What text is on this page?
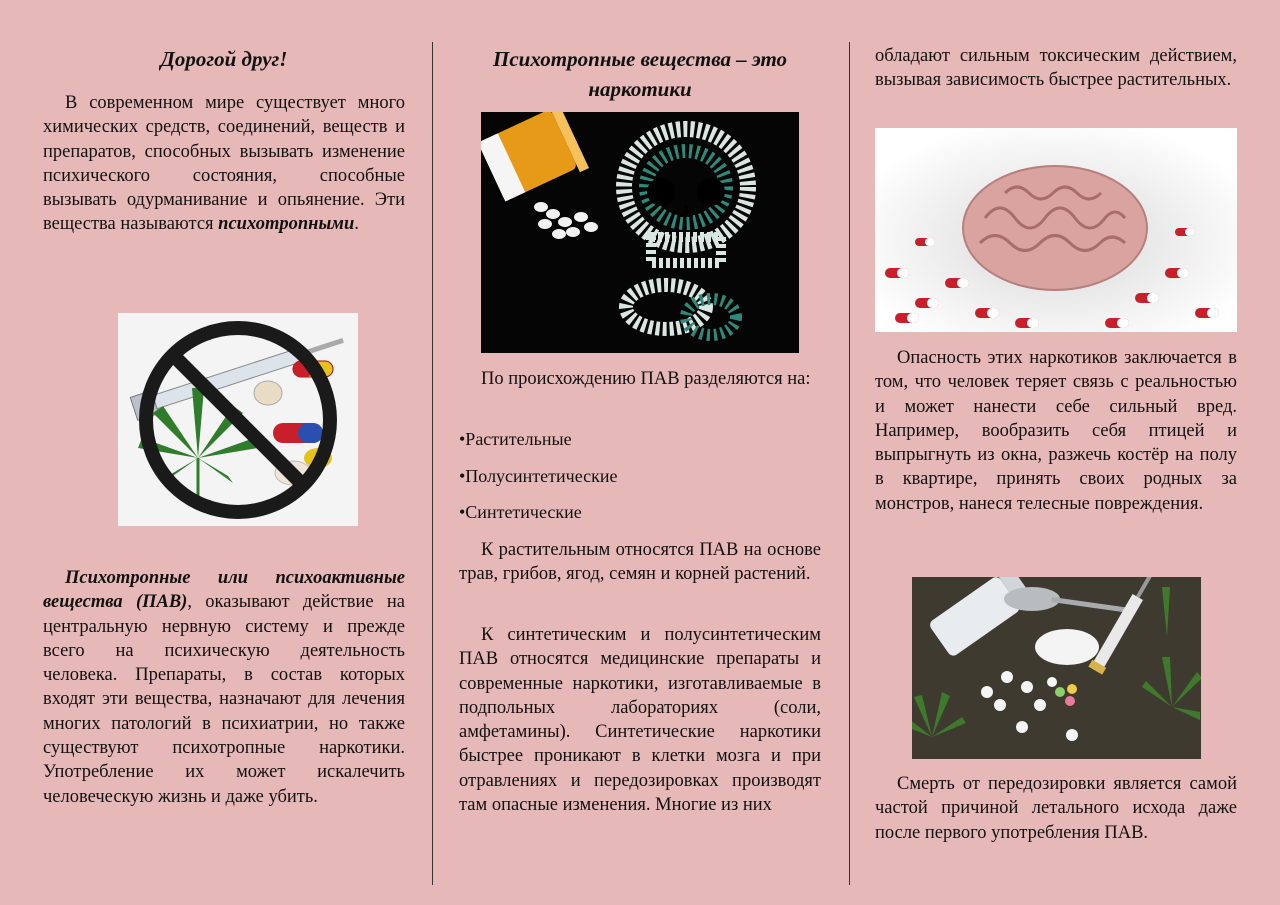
Дорогой друг!

В современном мире существует много химических средств, соединений, веществ и препаратов, способных вызывать изменение психического состояния, способные вызывать одурманивание и опьянение. Эти вещества называются психотропными.

Психотропные или психоактивные вещества (ПАВ), оказывают действие на центральную нервную систему и прежде всего на психическую деятельность человека. Препараты, в состав которых входят эти вещества, назначают для лечения многих патологий в психиатрии, но также существуют психотропные наркотики. Употребление их может искалечить человеческую жизнь и даже убить.

Психотропные вещества – это наркотики

По происхождению ПАВ разделяются на:

•Растительные
•Полусинтетические
•Синтетические

К растительным относятся ПАВ на основе трав, грибов, ягод, семян и корней растений.

К синтетическим и полусинтетическим ПАВ относятся медицинские препараты и современные наркотики, изготавливаемые в подпольных лабораториях (соли, амфетамины). Синтетические наркотики быстрее проникают в клетки мозга и при отравлениях и передозировках производят там опасные изменения. Многие из них

обладают сильным токсическим действием, вызывая зависимость быстрее растительных.

Опасность этих наркотиков заключается в том, что человек теряет связь с реальностью и может нанести себе сильный вред. Например, вообразить себя птицей и выпрыгнуть из окна, разжечь костёр на полу в квартире, принять своих родных за монстров, нанеся телесные повреждения.

Смерть от передозировки является самой частой причиной летального исхода даже после первого употребления ПАВ.
